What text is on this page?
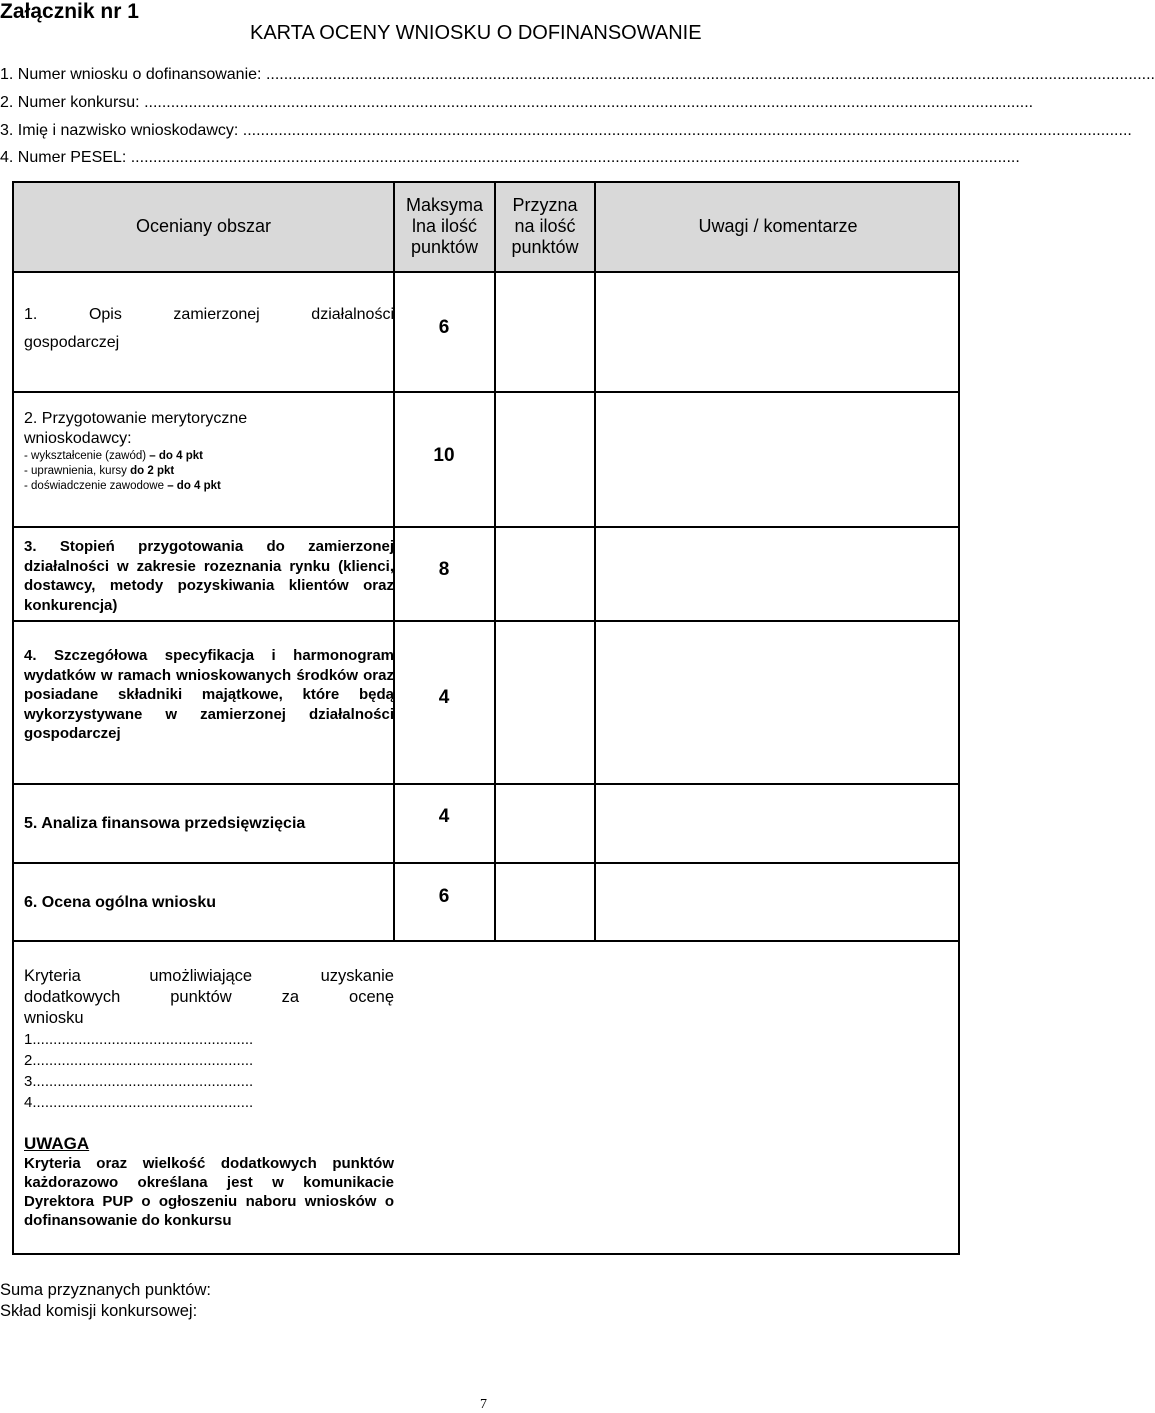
Załącznik nr 1
KARTA OCENY WNIOSKU O DOFINANSOWANIE
1. Numer wniosku o dofinansowanie: ........................................................................................................................................................................................................
2. Numer konkursu: ........................................................................................................................................................................................................
3. Imię i nazwisko wnioskodawcy: ........................................................................................................................................................................................................
4. Numer PESEL: ........................................................................................................................................................................................................
Oceniany obszar
Maksyma
lna ilość
punktów
Przyzna
na ilość
punktów
Uwagi / komentarze
1. Opis zamierzonej działalności
gospodarczej
6
2. Przygotowanie merytoryczne
wnioskodawcy:
- wykształcenie (zawód) – do 4 pkt
- uprawnienia, kursy do 2 pkt
- doświadczenie zawodowe – do 4 pkt
10
3. Stopień przygotowania do zamierzonej działalności w zakresie rozeznania rynku (klienci, dostawcy, metody pozyskiwania klientów oraz konkurencja)
8
4. Szczegółowa specyfikacja i harmonogram wydatków w ramach wnioskowanych środków oraz posiadane składniki majątkowe, które będą wykorzystywane w zamierzonej działalności gospodarczej
4
5. Analiza finansowa przedsięwzięcia	4
6. Ocena ogólna wniosku	6
Kryteria umożliwiające uzyskanie
dodatkowych punktów za ocenę
wniosku
1.....................................................
2.....................................................
3.....................................................
4.....................................................
UWAGA
Kryteria oraz wielkość dodatkowych punktów każdorazowo określana jest w komunikacie Dyrektora PUP o ogłoszeniu naboru wniosków o dofinansowanie do konkursu
Suma przyznanych punktów:
Skład komisji konkursowej:
7
